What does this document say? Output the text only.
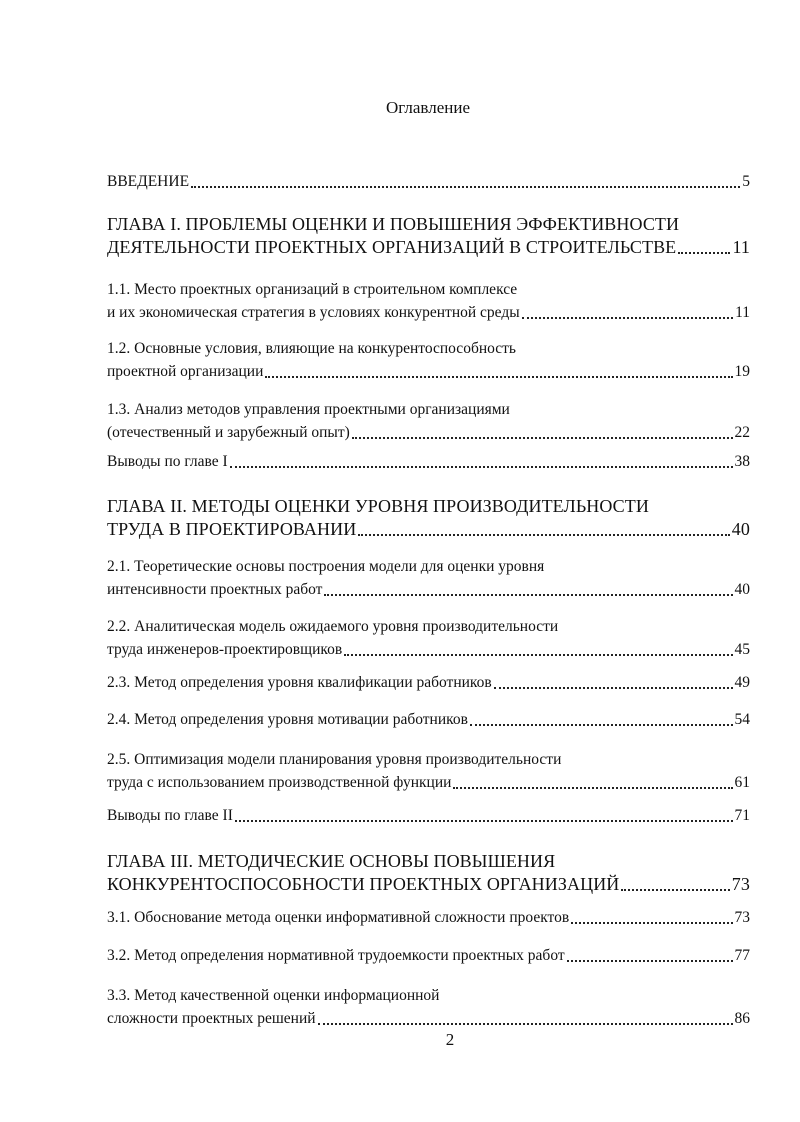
Оглавление
ВВЕДЕНИЕ	5
ГЛАВА I. ПРОБЛЕМЫ ОЦЕНКИ И ПОВЫШЕНИЯ ЭФФЕКТИВНОСТИ
ДЕЯТЕЛЬНОСТИ ПРОЕКТНЫХ ОРГАНИЗАЦИЙ В СТРОИТЕЛЬСТВЕ	11
1.1. Место проектных организаций в строительном комплексе
и их экономическая стратегия в условиях конкурентной среды	11
1.2. Основные условия, влияющие на конкурентоспособность
проектной организации	19
1.3. Анализ методов управления проектными организациями
(отечественный и зарубежный опыт)	22
Выводы по главе I	38
ГЛАВА II. МЕТОДЫ ОЦЕНКИ УРОВНЯ ПРОИЗВОДИТЕЛЬНОСТИ
ТРУДА В ПРОЕКТИРОВАНИИ	40
2.1. Теоретические основы построения модели для оценки уровня
интенсивности проектных работ	40
2.2. Аналитическая модель ожидаемого уровня производительности
труда инженеров-проектировщиков	45
2.3. Метод определения уровня квалификации работников	49
2.4. Метод определения уровня мотивации работников	54
2.5. Оптимизация модели планирования уровня производительности
труда с использованием производственной функции	61
Выводы по главе II	71
ГЛАВА III. МЕТОДИЧЕСКИЕ ОСНОВЫ ПОВЫШЕНИЯ
КОНКУРЕНТОСПОСОБНОСТИ ПРОЕКТНЫХ ОРГАНИЗАЦИЙ	73
3.1. Обоснование метода оценки информативной сложности проектов	73
3.2. Метод определения нормативной трудоемкости проектных работ	77
3.3. Метод качественной оценки информационной
сложности проектных решений	86
2
